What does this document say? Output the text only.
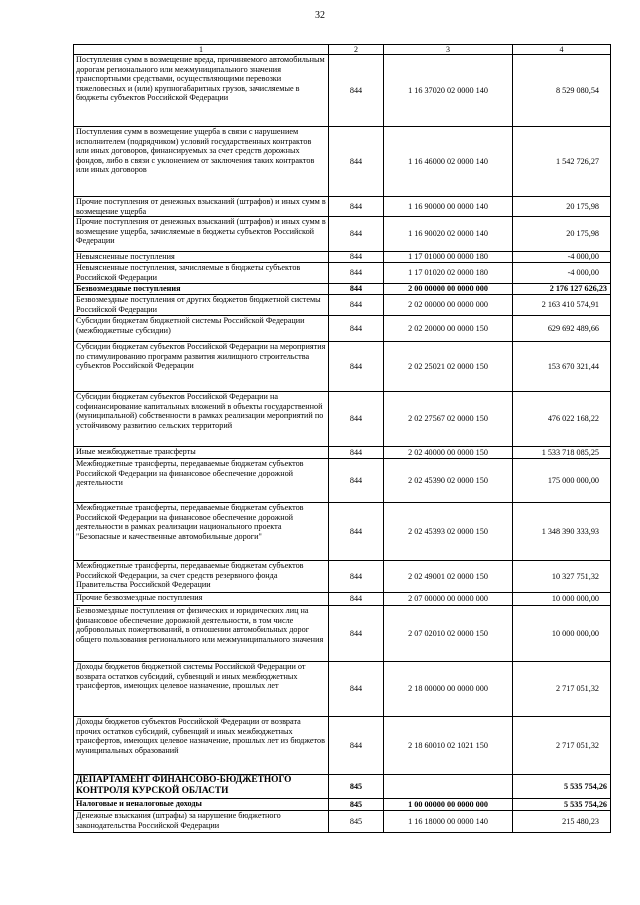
32
1	2	3	4
Поступления сумм в возмещение вреда, причиняемого автомобильным дорогам регионального или межмуниципального значения транспортными средствами, осуществляющими перевозки тяжеловесных и (или) крупногабаритных грузов, зачисляемые в бюджеты субъектов Российской Федерации	844	1 16 37020 02 0000 140	8 529 080,54
Поступления сумм в возмещение ущерба в связи с нарушением исполнителем (подрядчиком) условий государственных контрактов или иных договоров, финансируемых за счет средств дорожных фондов, либо в связи с уклонением от заключения таких контрактов или иных договоров	844	1 16 46000 02 0000 140	1 542 726,27
Прочие поступления от денежных взысканий (штрафов) и иных сумм в возмещение ущерба	844	1 16 90000 00 0000 140	20 175,98
Прочие поступления от денежных взысканий (штрафов) и иных сумм в возмещение ущерба, зачисляемые в бюджеты субъектов Российской Федерации	844	1 16 90020 02 0000 140	20 175,98
Невыясненные поступления	844	1 17 01000 00 0000 180	-4 000,00
Невыясненные поступления, зачисляемые в бюджеты субъектов Российской Федерации	844	1 17 01020 02 0000 180	-4 000,00
Безвозмездные поступления	844	2 00 00000 00 0000 000	2 176 127 626,23
Безвозмездные поступления от других бюджетов бюджетной системы Российской Федерации	844	2 02 00000 00 0000 000	2 163 410 574,91
Субсидии бюджетам бюджетной системы Российской Федерации (межбюджетные субсидии)	844	2 02 20000 00 0000 150	629 692 489,66
Субсидии бюджетам субъектов Российской Федерации на мероприятия по стимулированию программ развития жилищного строительства субъектов Российской Федерации	844	2 02 25021 02 0000 150	153 670 321,44
Субсидии бюджетам субъектов Российской Федерации на софинансирование капитальных вложений в объекты государственной (муниципальной) собственности в рамках реализации мероприятий по устойчивому развитию сельских территорий	844	2 02 27567 02 0000 150	476 022 168,22
Иные межбюджетные трансферты	844	2 02 40000 00 0000 150	1 533 718 085,25
Межбюджетные трансферты, передаваемые бюджетам субъектов Российской Федерации на финансовое обеспечение дорожной деятельности	844	2 02 45390 02 0000 150	175 000 000,00
Межбюджетные трансферты, передаваемые бюджетам субъектов Российской Федерации на финансовое обеспечение дорожной деятельности в рамках реализации национального проекта "Безопасные и качественные автомобильные дороги"	844	2 02 45393 02 0000 150	1 348 390 333,93
Межбюджетные трансферты, передаваемые бюджетам субъектов Российской Федерации, за счет средств резервного фонда Правительства Российской Федерации	844	2 02 49001 02 0000 150	10 327 751,32
Прочие безвозмездные поступления	844	2 07 00000 00 0000 000	10 000 000,00
Безвозмездные поступления от физических и юридических лиц на финансовое обеспечение дорожной деятельности, в том числе добровольных пожертвований, в отношении автомобильных дорог общего пользования регионального или межмуниципального значения	844	2 07 02010 02 0000 150	10 000 000,00
Доходы бюджетов бюджетной системы Российской Федерации от возврата остатков субсидий, субвенций и иных межбюджетных трансфертов, имеющих целевое назначение, прошлых лет	844	2 18 00000 00 0000 000	2 717 051,32
Доходы бюджетов субъектов Российской Федерации от возврата прочих остатков субсидий, субвенций и иных межбюджетных трансфертов, имеющих целевое назначение, прошлых лет из бюджетов муниципальных образований	844	2 18 60010 02 1021 150	2 717 051,32
ДЕПАРТАМЕНТ ФИНАНСОВО-БЮДЖЕТНОГО КОНТРОЛЯ КУРСКОЙ ОБЛАСТИ	845		5 535 754,26
Налоговые и неналоговые доходы	845	1 00 00000 00 0000 000	5 535 754,26
Денежные взыскания (штрафы) за нарушение бюджетного законодательства Российской Федерации	845	1 16 18000 00 0000 140	215 480,23
